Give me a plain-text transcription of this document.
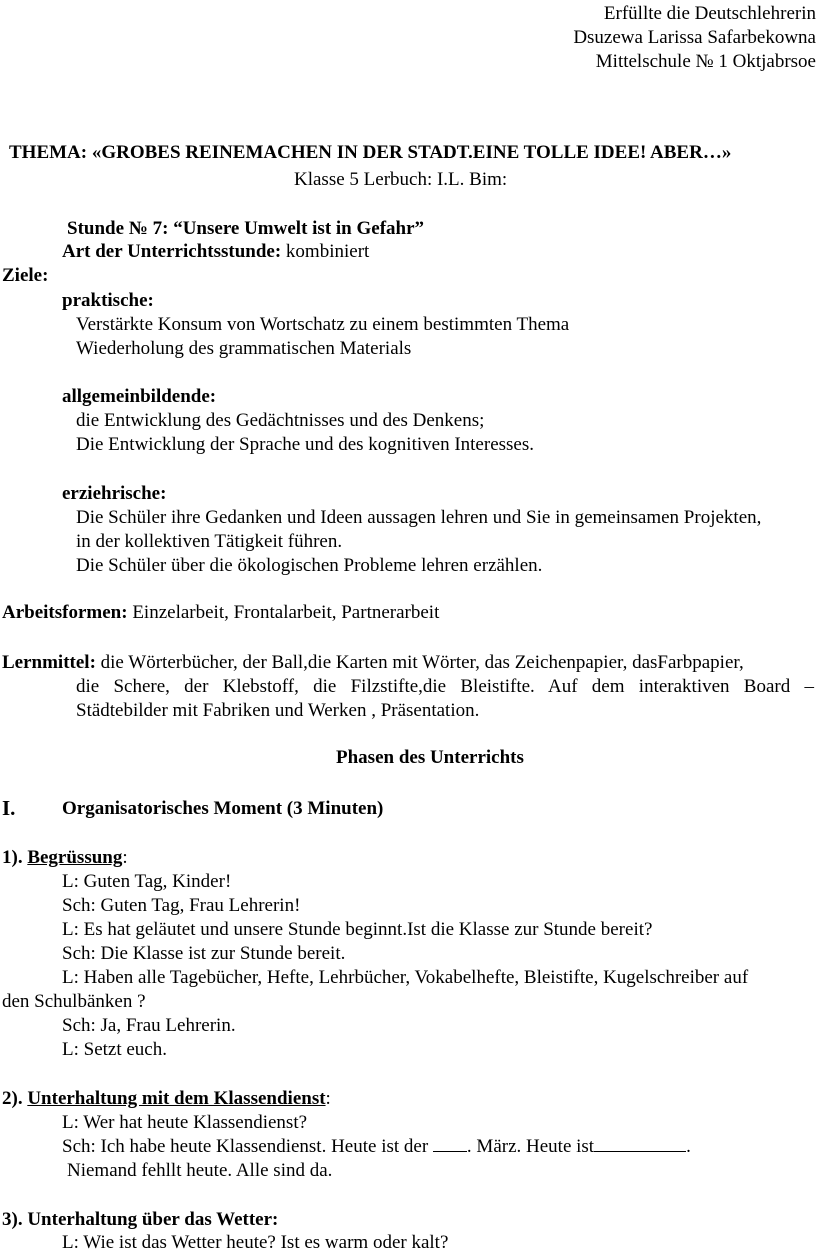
Erfüllte die Deutschlehrerin
Dsuzewa Larissa Safarbekowna
Mittelschule № 1 Oktjabrsoe
THEMA: «GROBES REINEMACHEN IN DER STADT.EINE TOLLE IDEE! ABER…»
Klasse 5 Lerbuch: I.L. Bim:
Stunde № 7: “Unsere Umwelt ist in Gefahr”
Art der Unterrichtsstunde: kombiniert
Ziele:
praktische:
Verstärkte Konsum von Wortschatz zu einem bestimmten Thema
Wiederholung des grammatischen Materials
allgemeinbildende:
die Entwicklung des Gedächtnisses und des Denkens;
Die Entwicklung der Sprache und des kognitiven Interesses.
erziehrische:
Die Schüler ihre Gedanken und Ideen aussagen lehren und Sie in gemeinsamen Projekten,
in der kollektiven Tätigkeit führen.
Die Schüler über die ökologischen Probleme lehren erzählen.
Arbeitsformen: Einzelarbeit, Frontalarbeit, Partnerarbeit
Lernmittel: die Wörterbücher, der Ball,die Karten mit Wörter, das Zeichenpapier, dasFarbpapier,
die Schere, der Klebstoff, die Filzstifte,die Bleistifte. Auf dem interaktiven Board –
Städtebilder mit Fabriken und Werken , Präsentation.
Phasen des Unterrichts
I. Organisatorisches Moment (3 Minuten)
1). Begrüssung:
L: Guten Tag, Kinder!
Sch: Guten Tag, Frau Lehrerin!
L: Es hat geläutet und unsere Stunde beginnt.Ist die Klasse zur Stunde bereit?
Sch: Die Klasse ist zur Stunde bereit.
L: Haben alle Tagebücher, Hefte, Lehrbücher, Vokabelhefte, Bleistifte, Kugelschreiber auf
den Schulbänken ?
Sch: Ja, Frau Lehrerin.
L: Setzt euch.
2). Unterhaltung mit dem Klassendienst:
L: Wer hat heute Klassendienst?
Sch: Ich habe heute Klassendienst. Heute ist der . März. Heute ist	.
Niemand fehllt heute. Alle sind da.
3). Unterhaltung über das Wetter:
L: Wie ist das Wetter heute? Ist es warm oder kalt?
